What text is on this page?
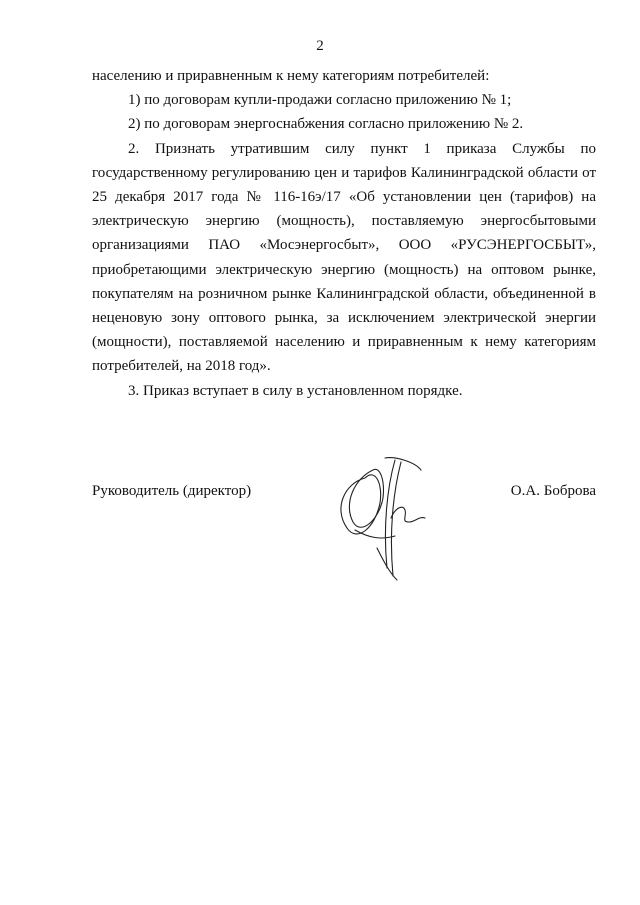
2

населению и приравненным к нему категориям потребителей:

1) по договорам купли-продажи согласно приложению № 1;

2) по договорам энергоснабжения согласно приложению № 2.

2. Признать утратившим силу пункт 1 приказа Службы по государственному регулированию цен и тарифов Калининградской области от 25 декабря 2017 года № 116-16э/17 «Об установлении цен (тарифов) на электрическую энергию (мощность), поставляемую энергосбытовыми организациями ПАО «Мосэнергосбыт», ООО «РУСЭНЕРГОСБЫТ», приобретающими электрическую энергию (мощность) на оптовом рынке, покупателям на розничном рынке Калининградской области, объединенной в неценовую зону оптового рынка, за исключением электрической энергии (мощности), поставляемой населению и приравненным к нему категориям потребителей, на 2018 год».

3. Приказ вступает в силу в установленном порядке.

Руководитель (директор)	О.А. Боброва
